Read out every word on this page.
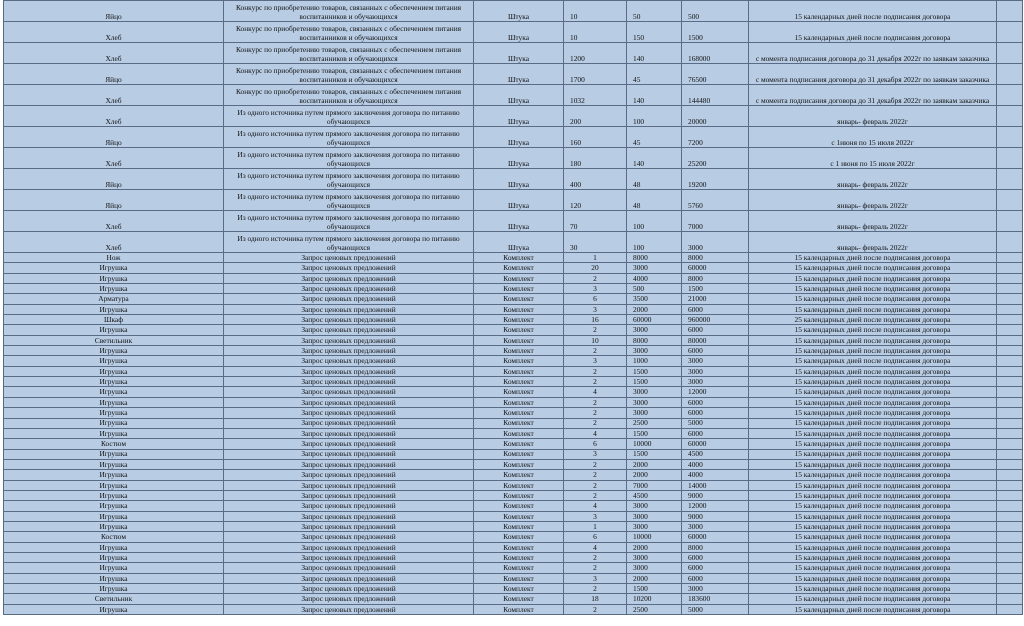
Яйцо	Конкурс по приобретению товаров, связанных с обеспечением питания воспитанников и обучающихся	Штука	10	50	500	15 календарных дней после подписания договора	
Хлеб	Конкурс по приобретению товаров, связанных с обеспечением питания воспитанников и обучающихся	Штука	10	150	1500	15 календарных дней после подписания договора	
Хлеб	Конкурс по приобретению товаров, связанных с обеспечением питания воспитанников и обучающихся	Штука	1200	140	168000	с момента подписания договора до 31 декабря 2022г по заявкам заказчика	
Яйцо	Конкурс по приобретению товаров, связанных с обеспечением питания воспитанников и обучающихся	Штука	1700	45	76500	с момента подписания договора до 31 декабря 2022г по заявкам заказчика	
Хлеб	Конкурс по приобретению товаров, связанных с обеспечением питания воспитанников и обучающихся	Штука	1032	140	144480	с момента подписания договора до 31 декабря 2022г по заявкам заказчика	
Хлеб	Из одного источника путем прямого заключения договора по питанию обучающихся	Штука	200	100	20000	январь- февраль 2022г	
Яйцо	Из одного источника путем прямого заключения договора по питанию обучающихся	Штука	160	45	7200	с 1июня по 15 июля 2022г	
Хлеб	Из одного источника путем прямого заключения договора по питанию обучающихся	Штука	180	140	25200	с 1 июня по 15 июля 2022г	
Яйцо	Из одного источника путем прямого заключения договора по питанию обучающихся	Штука	400	48	19200	январь- февраль 2022г	
Яйцо	Из одного источника путем прямого заключения договора по питанию обучающихся	Штука	120	48	5760	январь- февраль 2022г	
Хлеб	Из одного источника путем прямого заключения договора по питанию обучающихся	Штука	70	100	7000	январь- февраль 2022г	
Хлеб	Из одного источника путем прямого заключения договора по питанию обучающихся	Штука	30	100	3000	январь- февраль 2022г	
Нож	Запрос ценовых предложений	Комплект	1	8000	8000	15 календарных дней после подписания договора	
Игрушка	Запрос ценовых предложений	Комплект	20	3000	60000	15 календарных дней после подписания договора	
Игрушка	Запрос ценовых предложений	Комплект	2	4000	8000	15 календарных дней после подписания договора	
Игрушка	Запрос ценовых предложений	Комплект	3	500	1500	15 календарных дней после подписания договора	
Арматура	Запрос ценовых предложений	Комплект	6	3500	21000	15 календарных дней после подписания договора	
Игрушка	Запрос ценовых предложений	Комплект	3	2000	6000	15 календарных дней после подписания договора	
Шкаф	Запрос ценовых предложений	Комплект	16	60000	960000	25 календарных дней после подписания договора	
Игрушка	Запрос ценовых предложений	Комплект	2	3000	6000	15 календарных дней после подписания договора	
Светильник	Запрос ценовых предложений	Комплект	10	8000	80000	15 календарных дней после подписания договора	
Игрушка	Запрос ценовых предложений	Комплект	2	3000	6000	15 календарных дней после подписания договора	
Игрушка	Запрос ценовых предложений	Комплект	3	1000	3000	15 календарных дней после подписания договора	
Игрушка	Запрос ценовых предложений	Комплект	2	1500	3000	15 календарных дней после подписания договора	
Игрушка	Запрос ценовых предложений	Комплект	2	1500	3000	15 календарных дней после подписания договора	
Игрушка	Запрос ценовых предложений	Комплект	4	3000	12000	15 календарных дней после подписания договора	
Игрушка	Запрос ценовых предложений	Комплект	2	3000	6000	15 календарных дней после подписания договора	
Игрушка	Запрос ценовых предложений	Комплект	2	3000	6000	15 календарных дней после подписания договора	
Игрушка	Запрос ценовых предложений	Комплект	2	2500	5000	15 календарных дней после подписания договора	
Игрушка	Запрос ценовых предложений	Комплект	4	1500	6000	15 календарных дней после подписания договора	
Костюм	Запрос ценовых предложений	Комплект	6	10000	60000	15 календарных дней после подписания договора	
Игрушка	Запрос ценовых предложений	Комплект	3	1500	4500	15 календарных дней после подписания договора	
Игрушка	Запрос ценовых предложений	Комплект	2	2000	4000	15 календарных дней после подписания договора	
Игрушка	Запрос ценовых предложений	Комплект	2	2000	4000	15 календарных дней после подписания договора	
Игрушка	Запрос ценовых предложений	Комплект	2	7000	14000	15 календарных дней после подписания договора	
Игрушка	Запрос ценовых предложений	Комплект	2	4500	9000	15 календарных дней после подписания договора	
Игрушка	Запрос ценовых предложений	Комплект	4	3000	12000	15 календарных дней после подписания договора	
Игрушка	Запрос ценовых предложений	Комплект	3	3000	9000	15 календарных дней после подписания договора	
Игрушка	Запрос ценовых предложений	Комплект	1	3000	3000	15 календарных дней после подписания договора	
Костюм	Запрос ценовых предложений	Комплект	6	10000	60000	15 календарных дней после подписания договора	
Игрушка	Запрос ценовых предложений	Комплект	4	2000	8000	15 календарных дней после подписания договора	
Игрушка	Запрос ценовых предложений	Комплект	2	3000	6000	15 календарных дней после подписания договора	
Игрушка	Запрос ценовых предложений	Комплект	2	3000	6000	15 календарных дней после подписания договора	
Игрушка	Запрос ценовых предложений	Комплект	3	2000	6000	15 календарных дней после подписания договора	
Игрушка	Запрос ценовых предложений	Комплект	2	1500	3000	15 календарных дней после подписания договора	
Светильник	Запрос ценовых предложений	Комплект	18	10200	183600	15 календарных дней после подписания договора	
Игрушка	Запрос ценовых предложений	Комплект	2	2500	5000	15 календарных дней после подписания договора	
